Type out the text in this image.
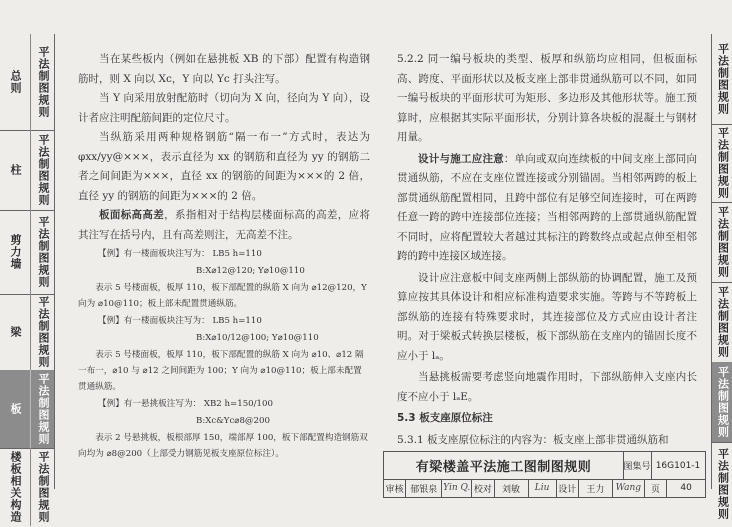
总则	平法制图规则
柱	平法制图规则
剪力墙	平法制图规则
梁	平法制图规则
板	平法制图规则
楼板相关构造	平法制图规则
平法制图规则
平法制图规则
平法制图规则
平法制图规则
平法制图规则
平法制图规则

当在某些板内（例如在悬挑板 XB 的下部）配置有构造钢筋时，则 X 向以 Xc，Y 向以 Yc 打头注写。

当 Y 向采用放射配筋时（切向为 X 向，径向为 Y 向），设计者应注明配筋间距的定位尺寸。

当纵筋采用两种规格钢筋“隔一布一”方式时，表达为φxx/yy@×××，表示直径为 xx 的钢筋和直径为 yy 的钢筋二者之间间距为×××，直径 xx 的钢筋的间距为×××的 2 倍，直径 yy 的钢筋的间距为×××的 2 倍。

板面标高高差，系指相对于结构层楼面标高的高差，应将其注写在括号内，且有高差则注，无高差不注。

【例】有一楼面板块注写为： LB5 h=110
B:X⌀12@120; Y⌀10@110
表示 5 号楼面板，板厚 110，板下部配置的纵筋 X 向为 ⌀12@120，Y 向为 ⌀10@110；板上部未配置贯通纵筋。
【例】有一楼面板块注写为： LB5 h=110
B:X⌀10/12@100; Y⌀10@110
表示 5 号楼面板，板厚 110，板下部配置的纵筋 X 向为 ⌀10、⌀12 隔一布一，⌀10 与 ⌀12 之间间距为 100；Y 向为 ⌀10@110；板上部未配置贯通纵筋。
【例】有一悬挑板注写为： XB2 h=150/100
B:Xc&Yc⌀8@200
表示 2 号悬挑板，板根部厚 150，端部厚 100，板下部配置构造钢筋双向均为 ⌀8@200（上部受力钢筋见板支座原位标注）。

5.2.2 同一编号板块的类型、板厚和纵筋均应相同，但板面标高、跨度、平面形状以及板支座上部非贯通纵筋可以不同，如同一编号板块的平面形状可为矩形、多边形及其他形状等。施工预算时，应根据其实际平面形状，分别计算各块板的混凝土与钢材用量。

设计与施工应注意：单向或双向连续板的中间支座上部同向贯通纵筋，不应在支座位置连接或分别锚固。当相邻两跨的板上部贯通纵筋配置相同，且跨中部位有足够空间连接时，可在两跨任意一跨的跨中连接部位连接；当相邻两跨的上部贯通纵筋配置不同时，应将配置较大者越过其标注的跨数终点或起点伸至相邻跨的跨中连接区域连接。

设计应注意板中间支座两侧上部纵筋的协调配置，施工及预算应按其具体设计和相应标准构造要求实施。等跨与不等跨板上部纵筋的连接有特殊要求时，其连接部位及方式应由设计者注明。对于梁板式转换层楼板，板下部纵筋在支座内的锚固长度不应小于 lₐ。

当悬挑板需要考虑竖向地震作用时，下部纵筋伸入支座内长度不应小于 lₐE。

5.3 板支座原位标注

5.3.1 板支座原位标注的内容为：板支座上部非贯通纵筋和

有梁楼盖平法施工图制图规则	图集号 16G101-1
审核 郁银泉 Yin Q. 校对	刘敏	Liu 设计	王力	Wang	页	40
